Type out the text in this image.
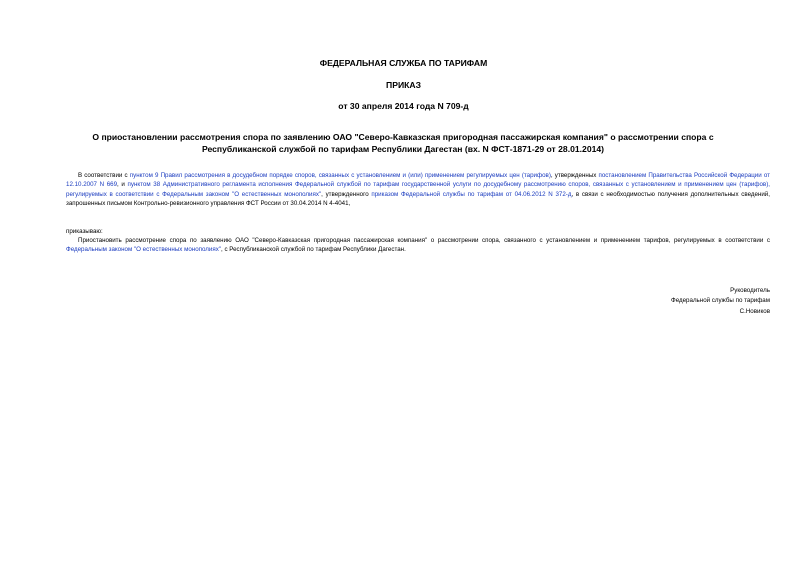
ФЕДЕРАЛЬНАЯ СЛУЖБА ПО ТАРИФАМ
ПРИКАЗ
от 30 апреля 2014 года N 709-д
О приостановлении рассмотрения спора по заявлению ОАО "Северо-Кавказская пригородная пассажирская компания" о рассмотрении спора с Республиканской службой по тарифам Республики Дагестан (вх. N ФСТ-1871-29 от 28.01.2014)
В соответствии с пунктом 9 Правил рассмотрения в досудебном порядке споров, связанных с установлением и (или) применением регулируемых цен (тарифов), утвержденных постановлением Правительства Российской Федерации от 12.10.2007 N 669, и пунктом 38 Административного регламента исполнения Федеральной службой по тарифам государственной услуги по досудебному рассмотрению споров, связанных с установлением и применением цен (тарифов), регулируемых в соответствии с Федеральным законом "О естественных монополиях", утвержденного приказом Федеральной службы по тарифам от 04.06.2012 N 372-д, в связи с необходимостью получения дополнительных сведений, запрошенных письмом Контрольно-ревизионного управления ФСТ России от 30.04.2014 N 4-4041,
приказываю:
Приостановить рассмотрение спора по заявлению ОАО "Северо-Кавказская пригородная пассажирская компания" о рассмотрении спора, связанного с установлением и применением тарифов, регулируемых в соответствии с Федеральным законом "О естественных монополиях", с Республиканской службой по тарифам Республики Дагестан.
Руководитель
Федеральной службы по тарифам
С.Новиков
